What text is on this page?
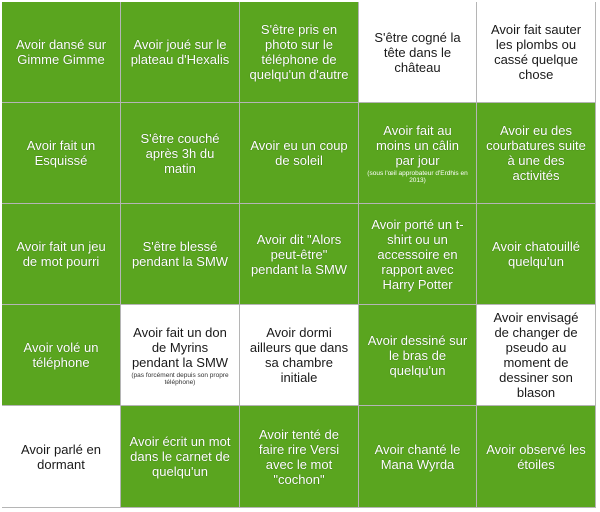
Avoir dansé sur Gimme Gimme
Avoir joué sur le plateau d'Hexalis
S'être pris en photo sur le téléphone de quelqu'un d'autre
S'être cogné la tête dans le château
Avoir fait sauter les plombs ou cassé quelque chose
Avoir fait un Esquissé
S'être couché après 3h du matin
Avoir eu un coup de soleil
Avoir fait au moins un câlin par jour
(sous l'œil approbateur d'Erdhis en 2013)
Avoir eu des courbatures suite à une des activités
Avoir fait un jeu de mot pourri
S'être blessé pendant la SMW
Avoir dit "Alors peut-être" pendant la SMW
Avoir porté un t-shirt ou un accessoire en rapport avec Harry Potter
Avoir chatouillé quelqu'un
Avoir volé un téléphone
Avoir fait un don de Myrins pendant la SMW
(pas forcément depuis son propre téléphone)
Avoir dormi ailleurs que dans sa chambre initiale
Avoir dessiné sur le bras de quelqu'un
Avoir envisagé de changer de pseudo au moment de dessiner son blason
Avoir parlé en dormant
Avoir écrit un mot dans le carnet de quelqu'un
Avoir tenté de faire rire Versi avec le mot "cochon"
Avoir chanté le Mana Wyrda
Avoir observé les étoiles
